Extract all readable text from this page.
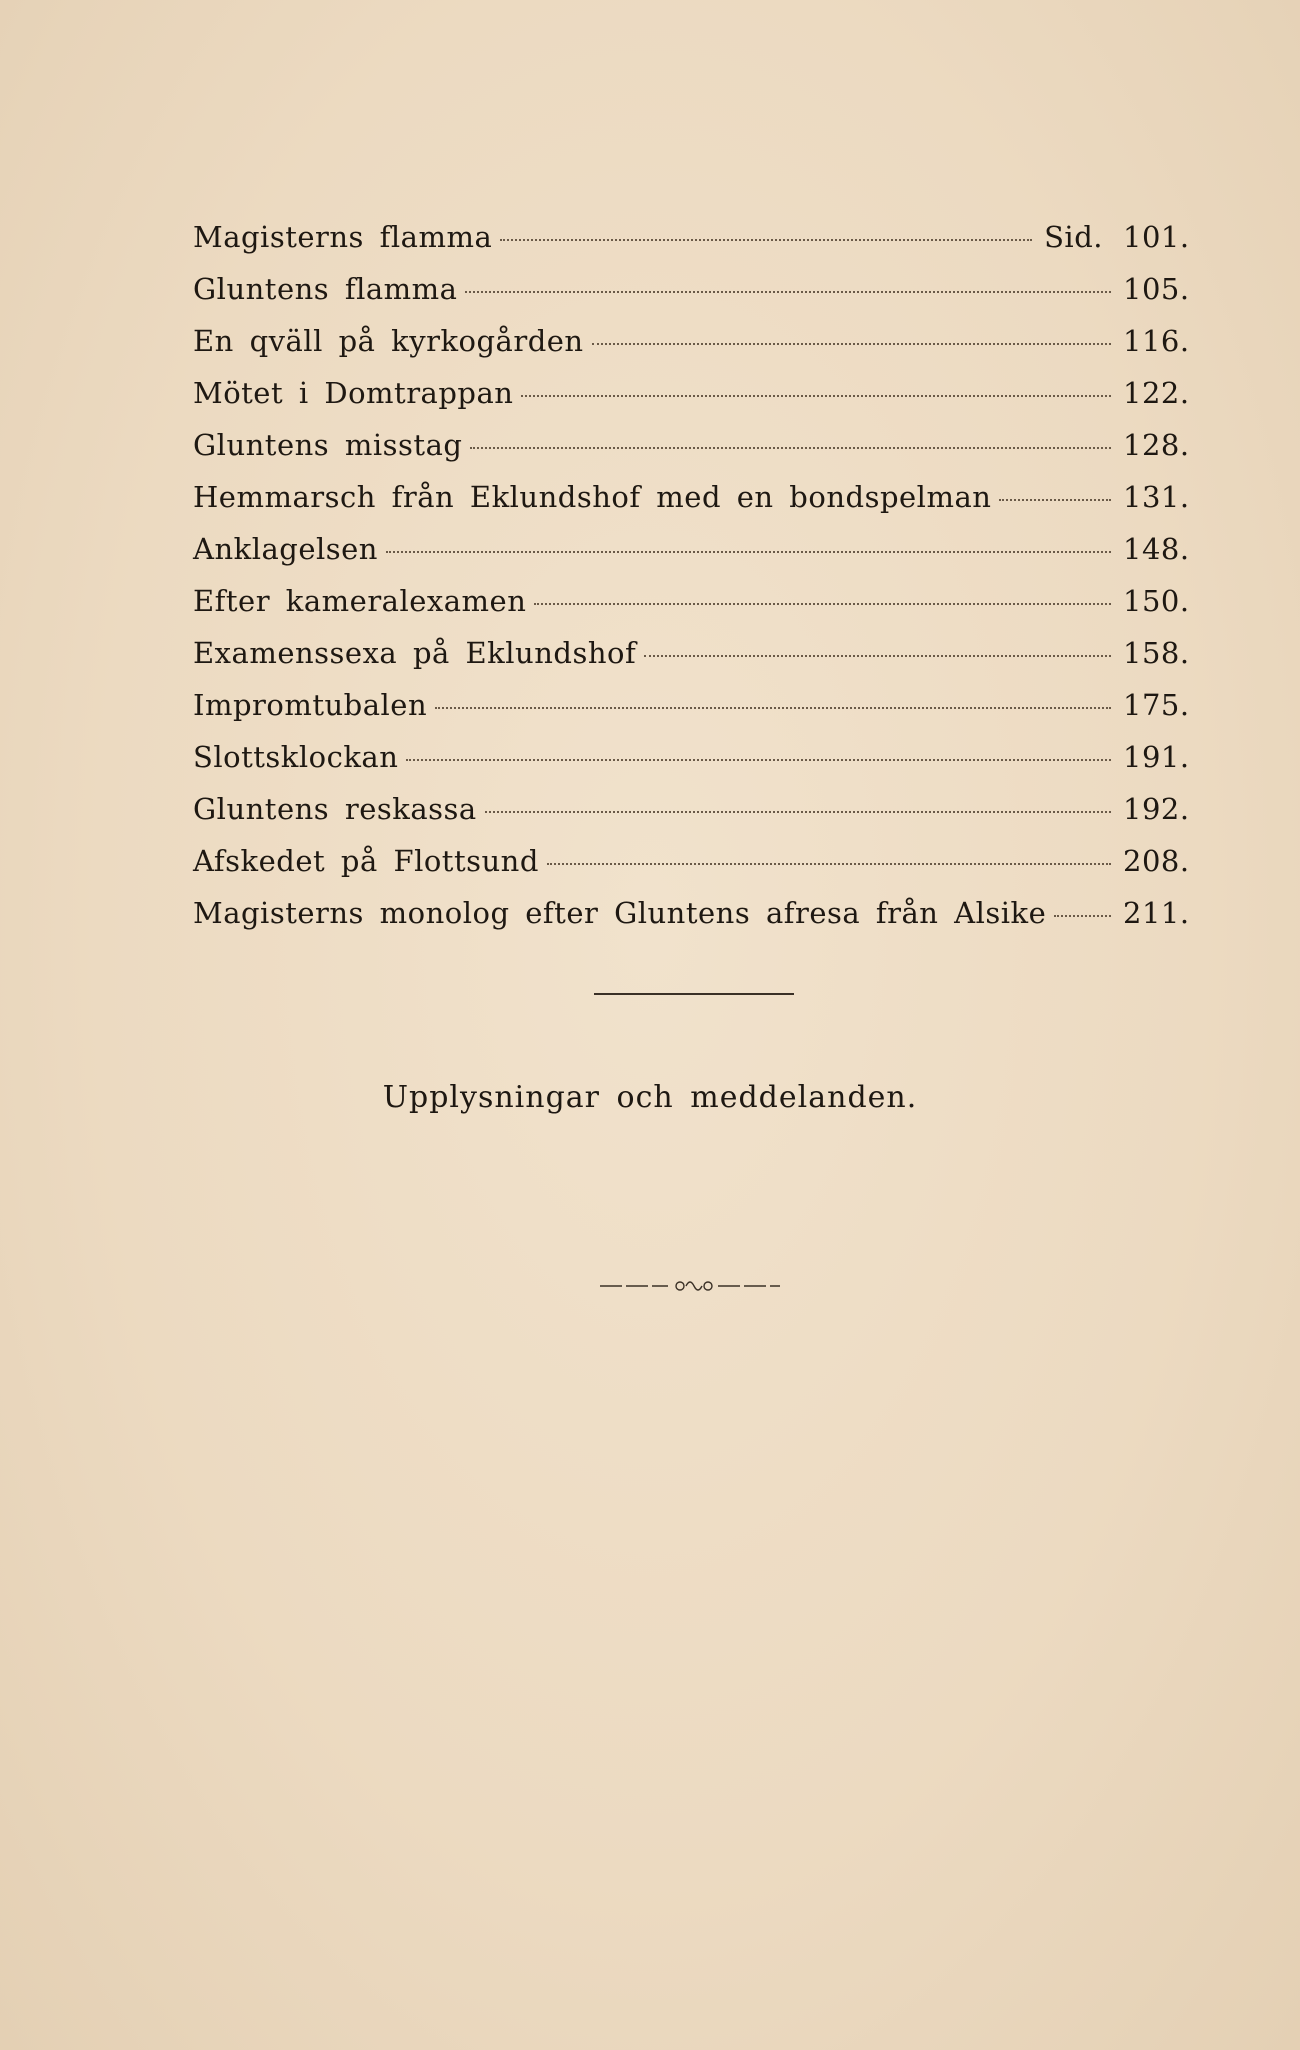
Magisterns flamma	Sid. 101.
Gluntens flamma	105.
En qväll på kyrkogården	116.
Mötet i Domtrappan	122.
Gluntens misstag	128.
Hemmarsch från Eklundshof med en bondspelman	131.
Anklagelsen	148.
Efter kameralexamen	150.
Examenssexa på Eklundshof	158.
Impromtubalen	175.
Slottsklockan	191.
Gluntens reskassa	192.
Afskedet på Flottsund	208.
Magisterns monolog efter Gluntens afresa från Alsike	211.
Upplysningar och meddelanden.
